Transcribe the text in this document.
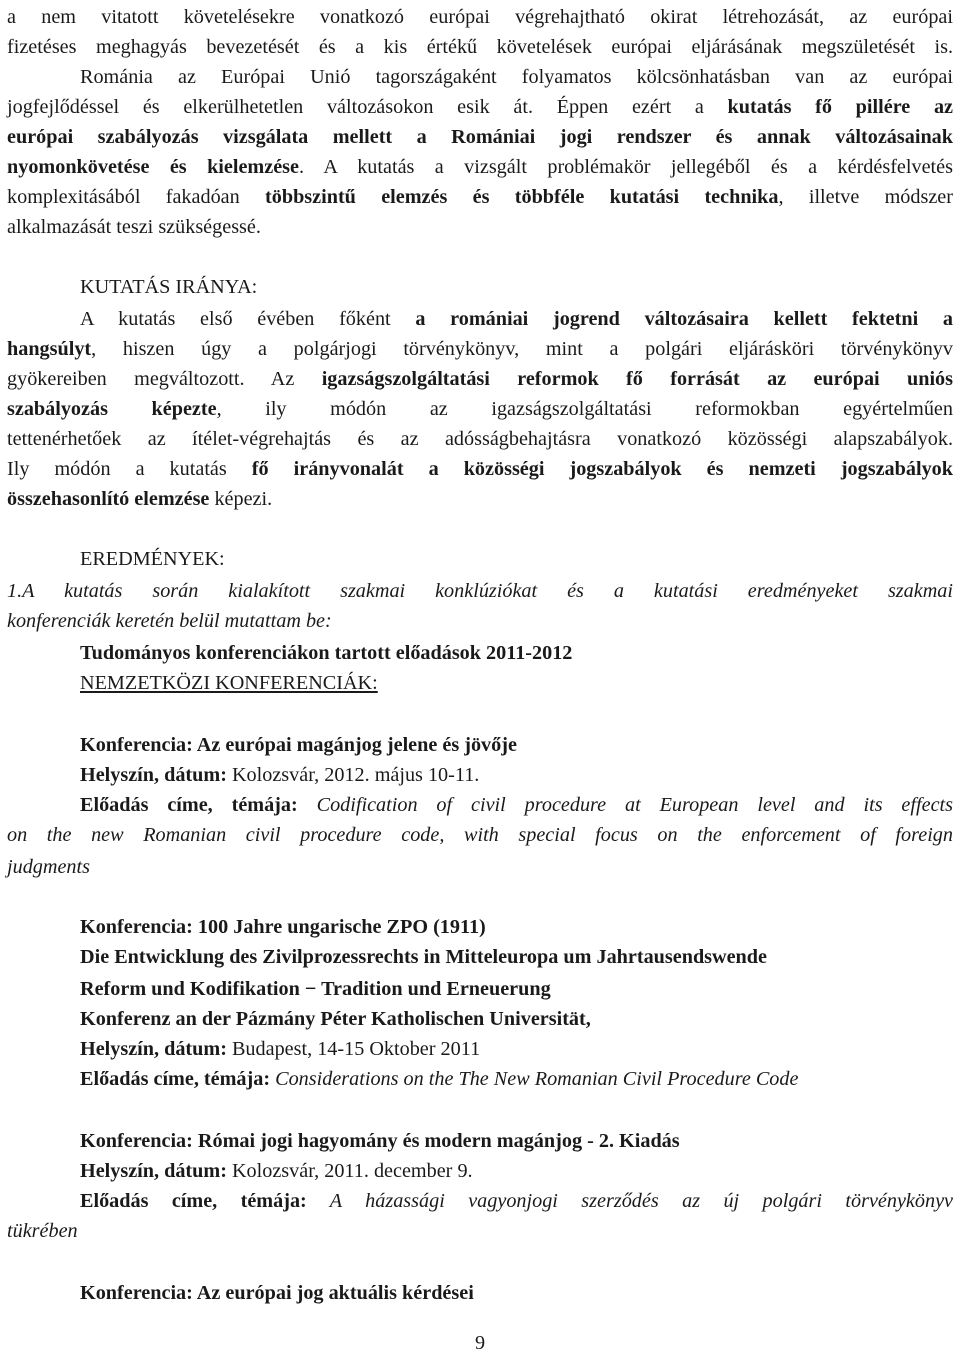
a nem vitatott követelésekre vonatkozó európai végrehajtható okirat létrehozását, az európai
fizetéses meghagyás bevezetését és a kis értékű követelések európai eljárásának megszületését is.
Románia az Európai Unió tagországaként folyamatos kölcsönhatásban van az európai
jogfejlődéssel és elkerülhetetlen változásokon esik át. Éppen ezért a kutatás fő pillére az
európai szabályozás vizsgálata mellett a Romániai jogi rendszer és annak változásainak
nyomonkövetése és kielemzése. A kutatás a vizsgált problémakör jellegéből és a kérdésfelvetés
komplexitásából fakadóan többszintű elemzés és többféle kutatási technika, illetve módszer
alkalmazását teszi szükségessé.
KUTATÁS IRÁNYA:
A kutatás első évében főként a romániai jogrend változásaira kellett fektetni a
hangsúlyt, hiszen úgy a polgárjogi törvénykönyv, mint a polgári eljárásköri törvénykönyv
gyökereiben megváltozott. Az igazságszolgáltatási reformok fő forrását az európai uniós
szabályozás képezte, ily módón az igazságszolgáltatási reformokban egyértelműen
tettenérhetőek az ítélet-végrehajtás és az adósságbehajtásra vonatkozó közösségi alapszabályok.
Ily módón a kutatás fő irányvonalát a közösségi jogszabályok és nemzeti jogszabályok
összehasonlító elemzése képezi.
EREDMÉNYEK:
1.A kutatás során kialakított szakmai konklúziókat és a kutatási eredményeket szakmai
konferenciák keretén belül mutattam be:
Tudományos konferenciákon tartott előadások 2011-2012
NEMZETKÖZI KONFERENCIÁK:
Konferencia: Az európai magánjog jelene és jövője
Helyszín, dátum: Kolozsvár, 2012. május 10-11.
Előadás címe, témája: Codification of civil procedure at European level and its effects
on the new Romanian civil procedure code, with special focus on the enforcement of foreign
judgments
Konferencia: 100 Jahre ungarische ZPO (1911)
Die Entwicklung des Zivilprozessrechts in Mitteleuropa um Jahrtausendswende
Reform und Kodifikation − Tradition und Erneuerung
Konferenz an der Pázmány Péter Katholischen Universität,
Helyszín, dátum: Budapest, 14-15 Oktober 2011
Előadás címe, témája: Considerations on the The New Romanian Civil Procedure Code
Konferencia: Római jogi hagyomány és modern magánjog - 2. Kiadás
Helyszín, dátum: Kolozsvár, 2011. december 9.
Előadás címe, témája: A házassági vagyonjogi szerződés az új polgári törvénykönyv
tükrében
Konferencia: Az európai jog aktuális kérdései
9
